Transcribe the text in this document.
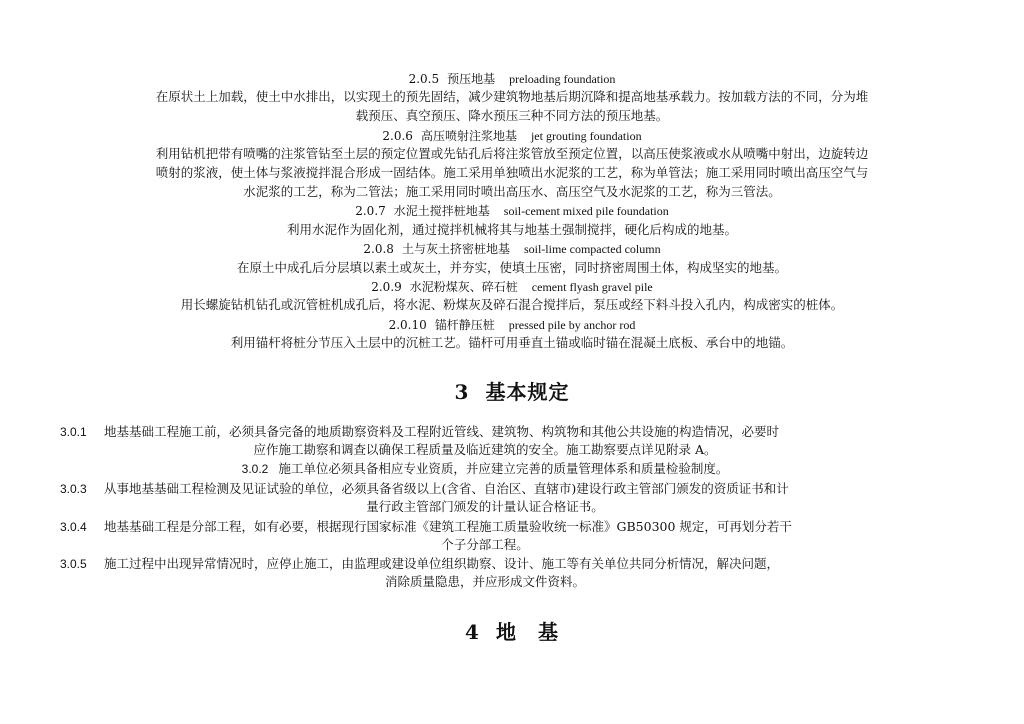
2.0.5 预压地基 preloading foundation
在原状土上加载，使土中水排出，以实现土的预先固结，减少建筑物地基后期沉降和提高地基承载力。按加载方法的不同，分为堆
载预压、真空预压、降水预压三种不同方法的预压地基。
2.0.6 高压喷射注浆地基 jet grouting foundation
利用钻机把带有喷嘴的注浆管钻至土层的预定位置或先钻孔后将注浆管放至预定位置，以高压使浆液或水从喷嘴中射出，边旋转边
喷射的浆液，使土体与浆液搅拌混合形成一固结体。施工采用单独喷出水泥浆的工艺，称为单管法；施工采用同时喷出高压空气与
水泥浆的工艺，称为二管法；施工采用同时喷出高压水、高压空气及水泥浆的工艺，称为三管法。
2.0.7 水泥土搅拌桩地基 soil-cement mixed pile foundation
利用水泥作为固化剂，通过搅拌机械将其与地基土强制搅拌，硬化后构成的地基。
2.0.8 土与灰土挤密桩地基 soil-lime compacted column
在原土中成孔后分层填以素土或灰土，并夯实，使填土压密，同时挤密周围土体，构成坚实的地基。
2.0.9 水泥粉煤灰、碎石桩 cement flyash gravel pile
用长螺旋钻机钻孔或沉管桩机成孔后，将水泥、粉煤灰及碎石混合搅拌后，泵压或经下料斗投入孔内，构成密实的桩体。
2.0.10 锚杆静压桩 pressed pile by anchor rod
利用锚杆将桩分节压入土层中的沉桩工艺。锚杆可用垂直土锚或临时锚在混凝土底板、承台中的地锚。
3 基本规定
3.0.1 地基基础工程施工前，必须具备完备的地质勘察资料及工程附近管线、建筑物、构筑物和其他公共设施的构造情况，必要时
应作施工勘察和调查以确保工程质量及临近建筑的安全。施工勘察要点详见附录 A。
3.0.2 施工单位必须具备相应专业资质，并应建立完善的质量管理体系和质量检验制度。
3.0.3 从事地基基础工程检测及见证试验的单位，必须具备省级以上(含省、自治区、直辖市)建设行政主管部门颁发的资质证书和计
量行政主管部门颁发的计量认证合格证书。
3.0.4 地基基础工程是分部工程，如有必要，根据现行国家标准《建筑工程施工质量验收统一标准》GB50300 规定，可再划分若干
个子分部工程。
3.0.5 施工过程中出现异常情况时，应停止施工，由监理或建设单位组织勘察、设计、施工等有关单位共同分析情况，解决问题，
消除质量隐患，并应形成文件资料。
4 地　基
